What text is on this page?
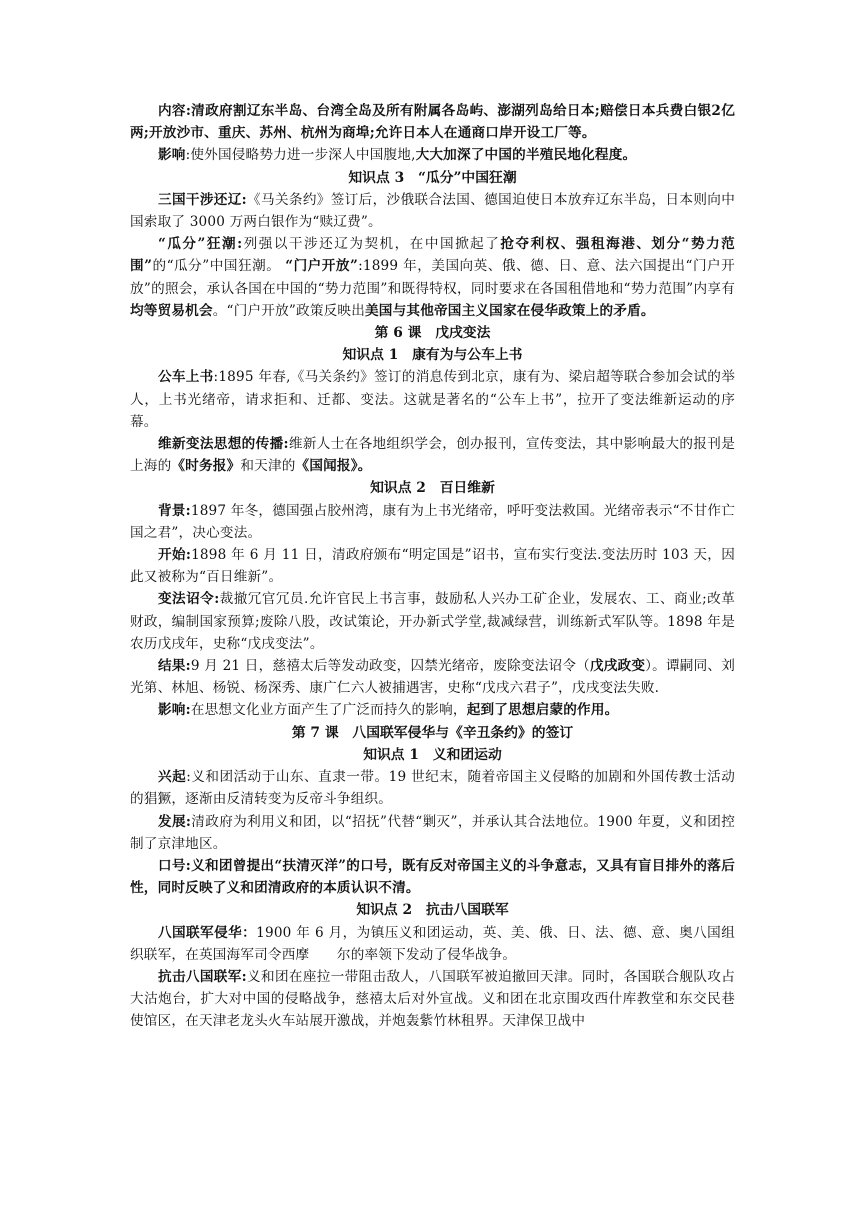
内容:清政府割辽东半岛、台湾全岛及所有附属各岛屿、澎湖列岛给日本;赔偿日本兵费白银2亿两;开放沙市、重庆、苏州、杭州为商埠;允许日本人在通商口岸开设工厂等。

影响:使外国侵略势力进一步深人中国腹地,大大加深了中国的半殖民地化程度。

知识点 3　“瓜分”中国狂潮

三国干涉还辽:《马关条约》签订后，沙俄联合法国、德国迫使日本放弃辽东半岛，日本则向中国索取了 3000 万两白银作为“赎辽费”。

“瓜分”狂潮:列强以干涉还辽为契机，在中国掀起了抢夺利权、强租海港、划分“势力范围”的“瓜分”中国狂潮。 “门户开放”:1899 年，美国向英、俄、德、日、意、法六国提出“门户开放”的照会，承认各国在中国的“势力范围”和既得特权，同时要求在各国租借地和“势力范围”内享有均等贸易机会。“门户开放”政策反映出美国与其他帝国主义国家在侵华政策上的矛盾。

第 6 课　戊戌变法
知识点 1　康有为与公车上书

公车上书:1895 年春,《马关条约》签订的消息传到北京，康有为、梁启超等联合参加会试的举人，上书光绪帝，请求拒和、迁都、变法。这就是著名的“公车上书”，拉开了变法维新运动的序幕。

维新变法思想的传播:维新人士在各地组织学会，创办报刊，宣传变法，其中影响最大的报刊是上海的《时务报》和天津的《国闻报》。

知识点 2　百日维新

背景:1897 年冬，德国强占胶州湾，康有为上书光绪帝，呼吁变法救国。光绪帝表示“不甘作亡国之君”，决心变法。

开始:1898 年 6 月 11 日，清政府颁布“明定国是”诏书，宣布实行变法.变法历时 103 天，因此又被称为“百日维新”。

变法诏令:裁撤冗官冗员.允许官民上书言事，鼓励私人兴办工矿企业，发展农、工、商业;改革财政，编制国家预算;废除八股，改试策论，开办新式学堂,裁减绿营，训练新式军队等。1898 年是农历戊戌年，史称“戊戌变法”。

结果:9 月 21 日，慈禧太后等发动政变，囚禁光绪帝，废除变法诏令（戊戌政变）。谭嗣同、刘光第、林旭、杨锐、杨深秀、康广仁六人被捕遇害，史称“戊戌六君子”，戊戌变法失败.

影响:在思想文化业方面产生了广泛而持久的影响，起到了思想启蒙的作用。

第 7 课　八国联军侵华与《辛丑条约》的签订
知识点 1　义和团运动

兴起:义和团活动于山东、直隶一带。19 世纪末，随着帝国主义侵略的加剧和外国传教士活动的猖獗，逐渐由反清转变为反帝斗争组织。

发展:清政府为利用义和团，以“招抚”代替“剿灭”，并承认其合法地位。1900 年夏，义和团控制了京津地区。

口号:义和团曾提出“扶清灭洋”的口号，既有反对帝国主义的斗争意志，又具有盲目排外的落后性，同时反映了义和团清政府的本质认识不清。

知识点 2　抗击八国联军

八国联军侵华：1900 年 6 月，为镇压义和团运动，英、美、俄、日、法、德、意、奥八国组织联军，在英国海军司令西摩　　尔的率领下发动了侵华战争。

抗击八国联军:义和团在座拉一带阻击敌人，八国联军被迫撤回天津。同时，各国联合舰队攻占大沽炮台，扩大对中国的侵略战争，慈禧太后对外宣战。义和团在北京围攻西什库教堂和东交民巷使馆区，在天津老龙头火车站展开激战，并炮轰紫竹林租界。天津保卫战中
